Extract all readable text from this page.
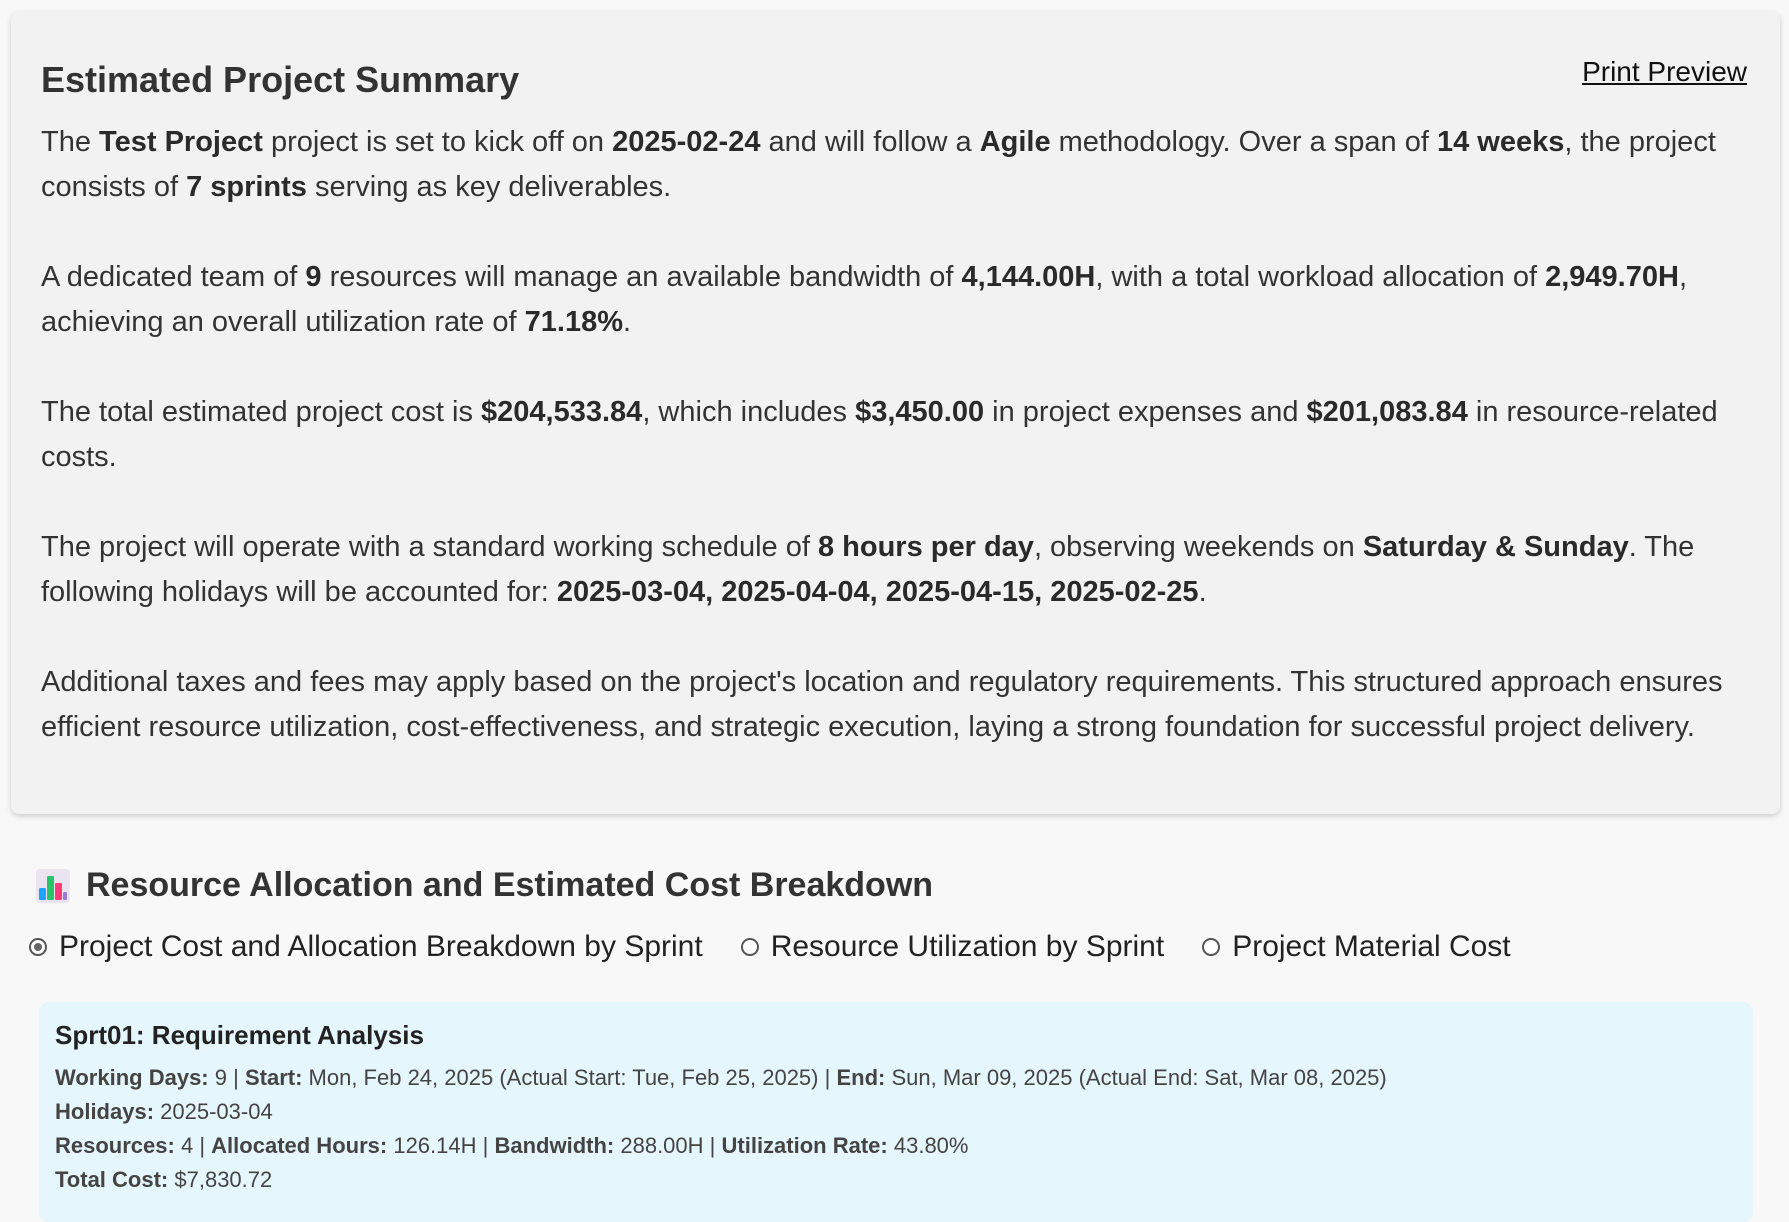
Estimated Project Summary	Print Preview

The Test Project project is set to kick off on 2025-02-24 and will follow a Agile methodology. Over a span of 14 weeks, the project consists of 7 sprints serving as key deliverables.

A dedicated team of 9 resources will manage an available bandwidth of 4,144.00H, with a total workload allocation of 2,949.70H, achieving an overall utilization rate of 71.18%.

The total estimated project cost is $204,533.84, which includes $3,450.00 in project expenses and $201,083.84 in resource-related costs.

The project will operate with a standard working schedule of 8 hours per day, observing weekends on Saturday & Sunday. The following holidays will be accounted for: 2025-03-04, 2025-04-04, 2025-04-15, 2025-02-25.

Additional taxes and fees may apply based on the project's location and regulatory requirements. This structured approach ensures efficient resource utilization, cost-effectiveness, and strategic execution, laying a strong foundation for successful project delivery.

Resource Allocation and Estimated Cost Breakdown
Project Cost and Allocation Breakdown by Sprint Resource Utilization by Sprint Project Material Cost
Sprt01: Requirement Analysis
Working Days: 9 | Start: Mon, Feb 24, 2025 (Actual Start: Tue, Feb 25, 2025) | End: Sun, Mar 09, 2025 (Actual End: Sat, Mar 08, 2025)
Holidays: 2025-03-04
Resources: 4 | Allocated Hours: 126.14H | Bandwidth: 288.00H | Utilization Rate: 43.80%
Total Cost: $7,830.72
